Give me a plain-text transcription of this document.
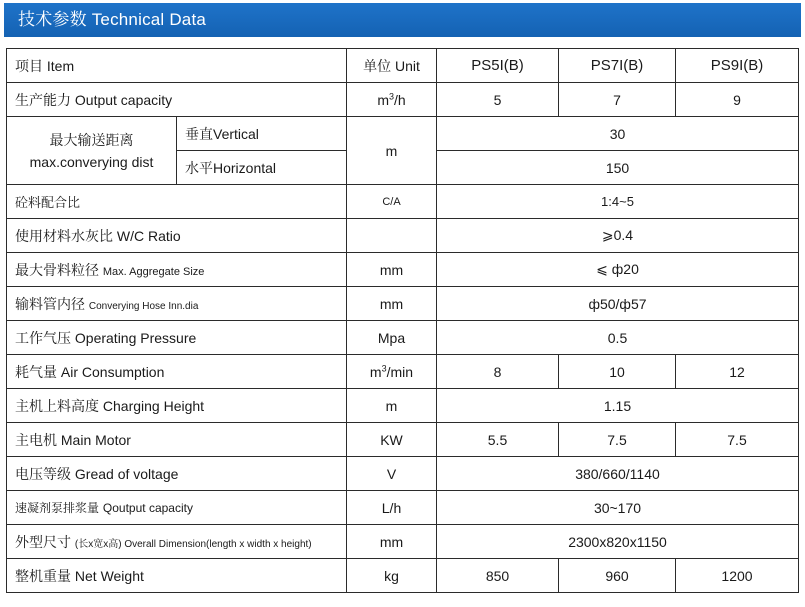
技术参数 Technical Data
项目 Item		单位 Unit	PS5I(B)	PS7I(B)	PS9I(B)
生产能力 Output capacity		$m^3/h$	5	7	9

最大输送距离
max.converying dist	垂直Vertical	m	30		
	水平Horizontal		150		
砼料配合比		C/A	1:4~5		
使用材料水灰比 W/C Ratio			⩾0.4		
最大骨料粒径 Max. Aggregate Size		mm	⩽ ф20		
输料管内径 Converying Hose Inn.dia		mm	ф50/ф57		
工作气压 Operating Pressure		Mpa	0.5		
耗气量 Air Consumption		$m^3/\min$	8	10	12
主机上料高度 Charging Height		m	1.15		
主电机 Main Motor		KW	5.5	7.5	7.5
电压等级 Gread of voltage		V	380/660/1140		
速凝剂泵排浆量 Qoutput capacity		L/h	30~170		
外型尺寸 (长x宽x高) Overall Dimension(length x width x height)		mm	2300x820x1150		
整机重量 Net Weight		kg	850	960	1200
